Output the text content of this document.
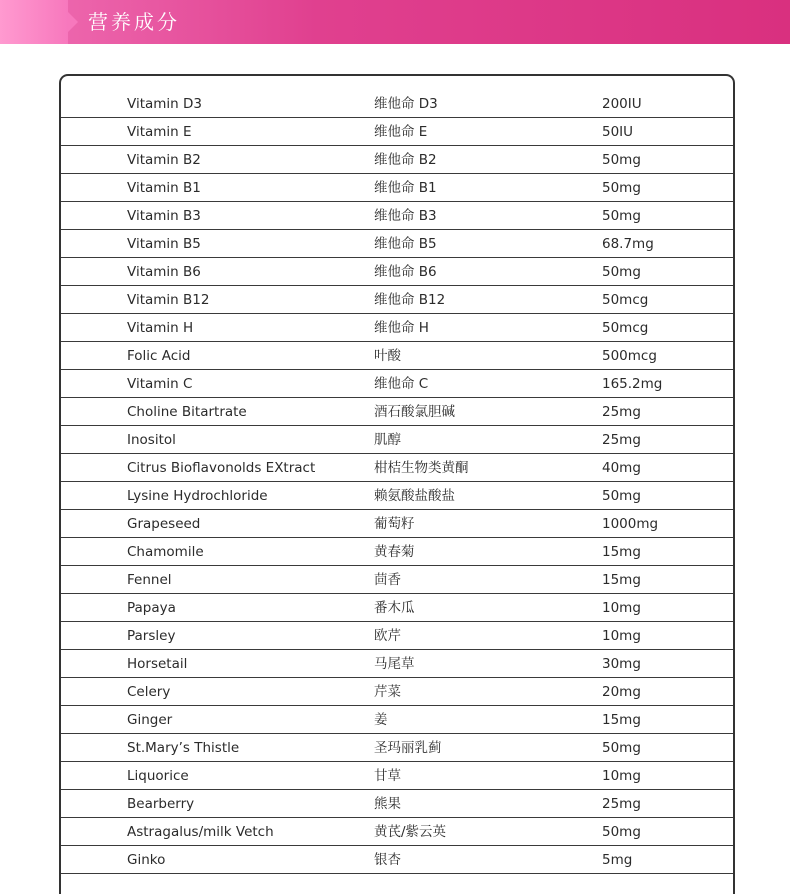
营养成分
Vitamin D3	维他命 D3	200IU
Vitamin E	维他命 E	50IU
Vitamin B2	维他命 B2	50mg
Vitamin B1	维他命 B1	50mg
Vitamin B3	维他命 B3	50mg
Vitamin B5	维他命 B5	68.7mg
Vitamin B6	维他命 B6	50mg
Vitamin B12	维他命 B12	50mcg
Vitamin H	维他命 H	50mcg
Folic Acid	叶酸	500mcg
Vitamin C	维他命 C	165.2mg
Choline Bitartrate	酒石酸氯胆碱	25mg
Inositol	肌醇	25mg
Citrus Bioflavonolds EXtract	柑桔生物类黄酮	40mg
Lysine Hydrochloride	赖氨酸盐酸盐	50mg
Grapeseed	葡萄籽	1000mg
Chamomile	黄春菊	15mg
Fennel	茴香	15mg
Papaya	番木瓜	10mg
Parsley	欧芹	10mg
Horsetail	马尾草	30mg
Celery	芹菜	20mg
Ginger	姜	15mg
St.Mary’s Thistle	圣玛丽乳蓟	50mg
Liquorice	甘草	10mg
Bearberry	熊果	25mg
Astragalus/milk Vetch	黄芪/紫云英	50mg
Ginko	银杏	5mg
